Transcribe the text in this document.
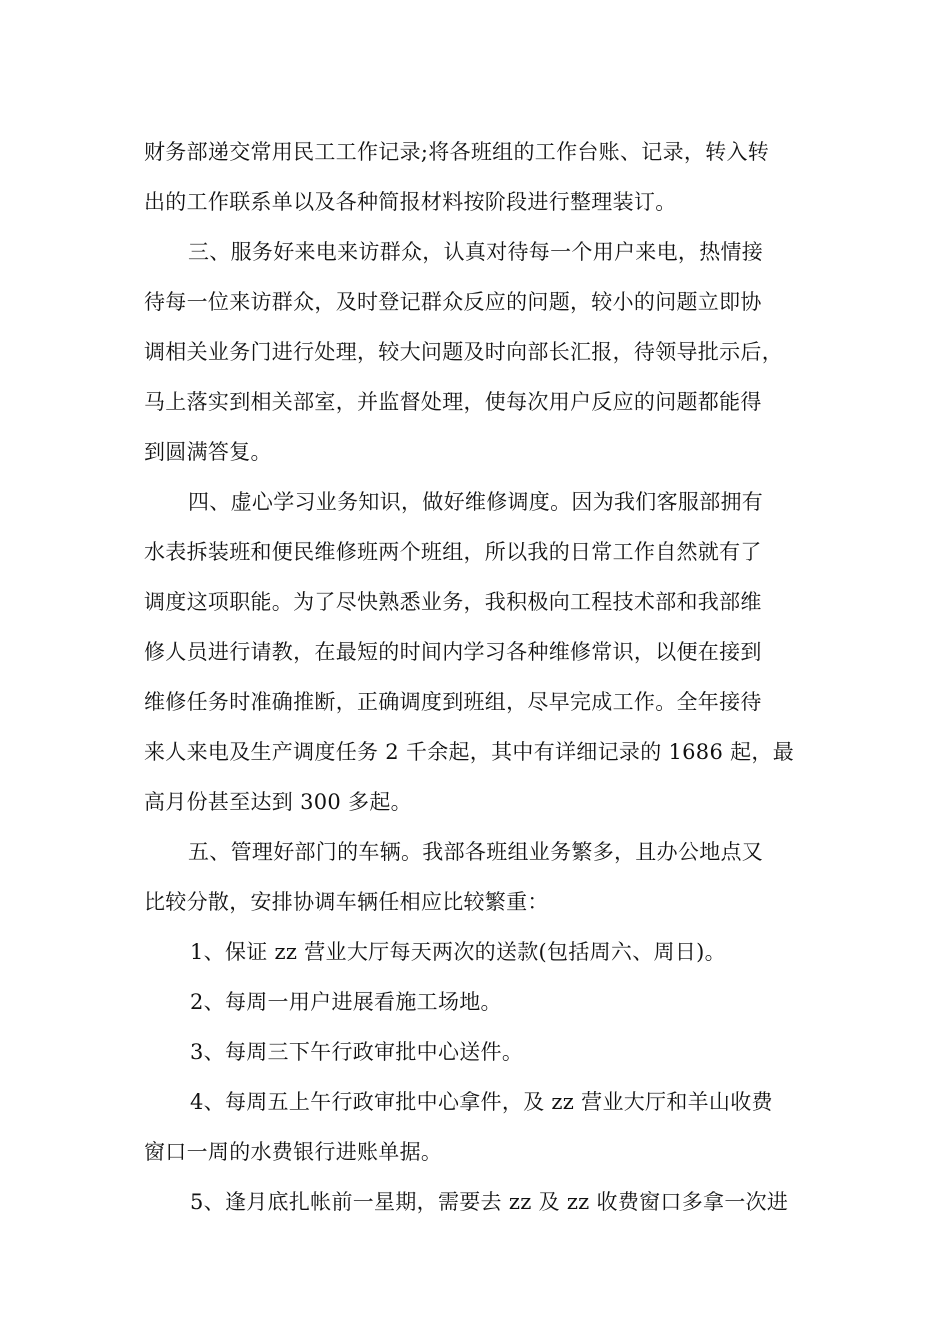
财务部递交常用民工工作记录;将各班组的工作台账、记录，转入转
出的工作联系单以及各种简报材料按阶段进行整理装订。
三、服务好来电来访群众，认真对待每一个用户来电，热情接
待每一位来访群众，及时登记群众反应的问题，较小的问题立即协
调相关业务门进行处理，较大问题及时向部长汇报，待领导批示后，
马上落实到相关部室，并监督处理，使每次用户反应的问题都能得
到圆满答复。
四、虚心学习业务知识，做好维修调度。因为我们客服部拥有
水表拆装班和便民维修班两个班组，所以我的日常工作自然就有了
调度这项职能。为了尽快熟悉业务，我积极向工程技术部和我部维
修人员进行请教，在最短的时间内学习各种维修常识，以便在接到
维修任务时准确推断，正确调度到班组，尽早完成工作。全年接待
来人来电及生产调度任务 2 千余起，其中有详细记录的 1686 起，最
高月份甚至达到 300 多起。
五、管理好部门的车辆。我部各班组业务繁多，且办公地点又
比较分散，安排协调车辆任相应比较繁重：
1、保证 zz 营业大厅每天两次的送款(包括周六、周日)。
2、每周一用户进展看施工场地。
3、每周三下午行政审批中心送件。
4、每周五上午行政审批中心拿件，及 zz 营业大厅和羊山收费
窗口一周的水费银行进账单据。
5、逢月底扎帐前一星期，需要去 zz 及 zz 收费窗口多拿一次进
